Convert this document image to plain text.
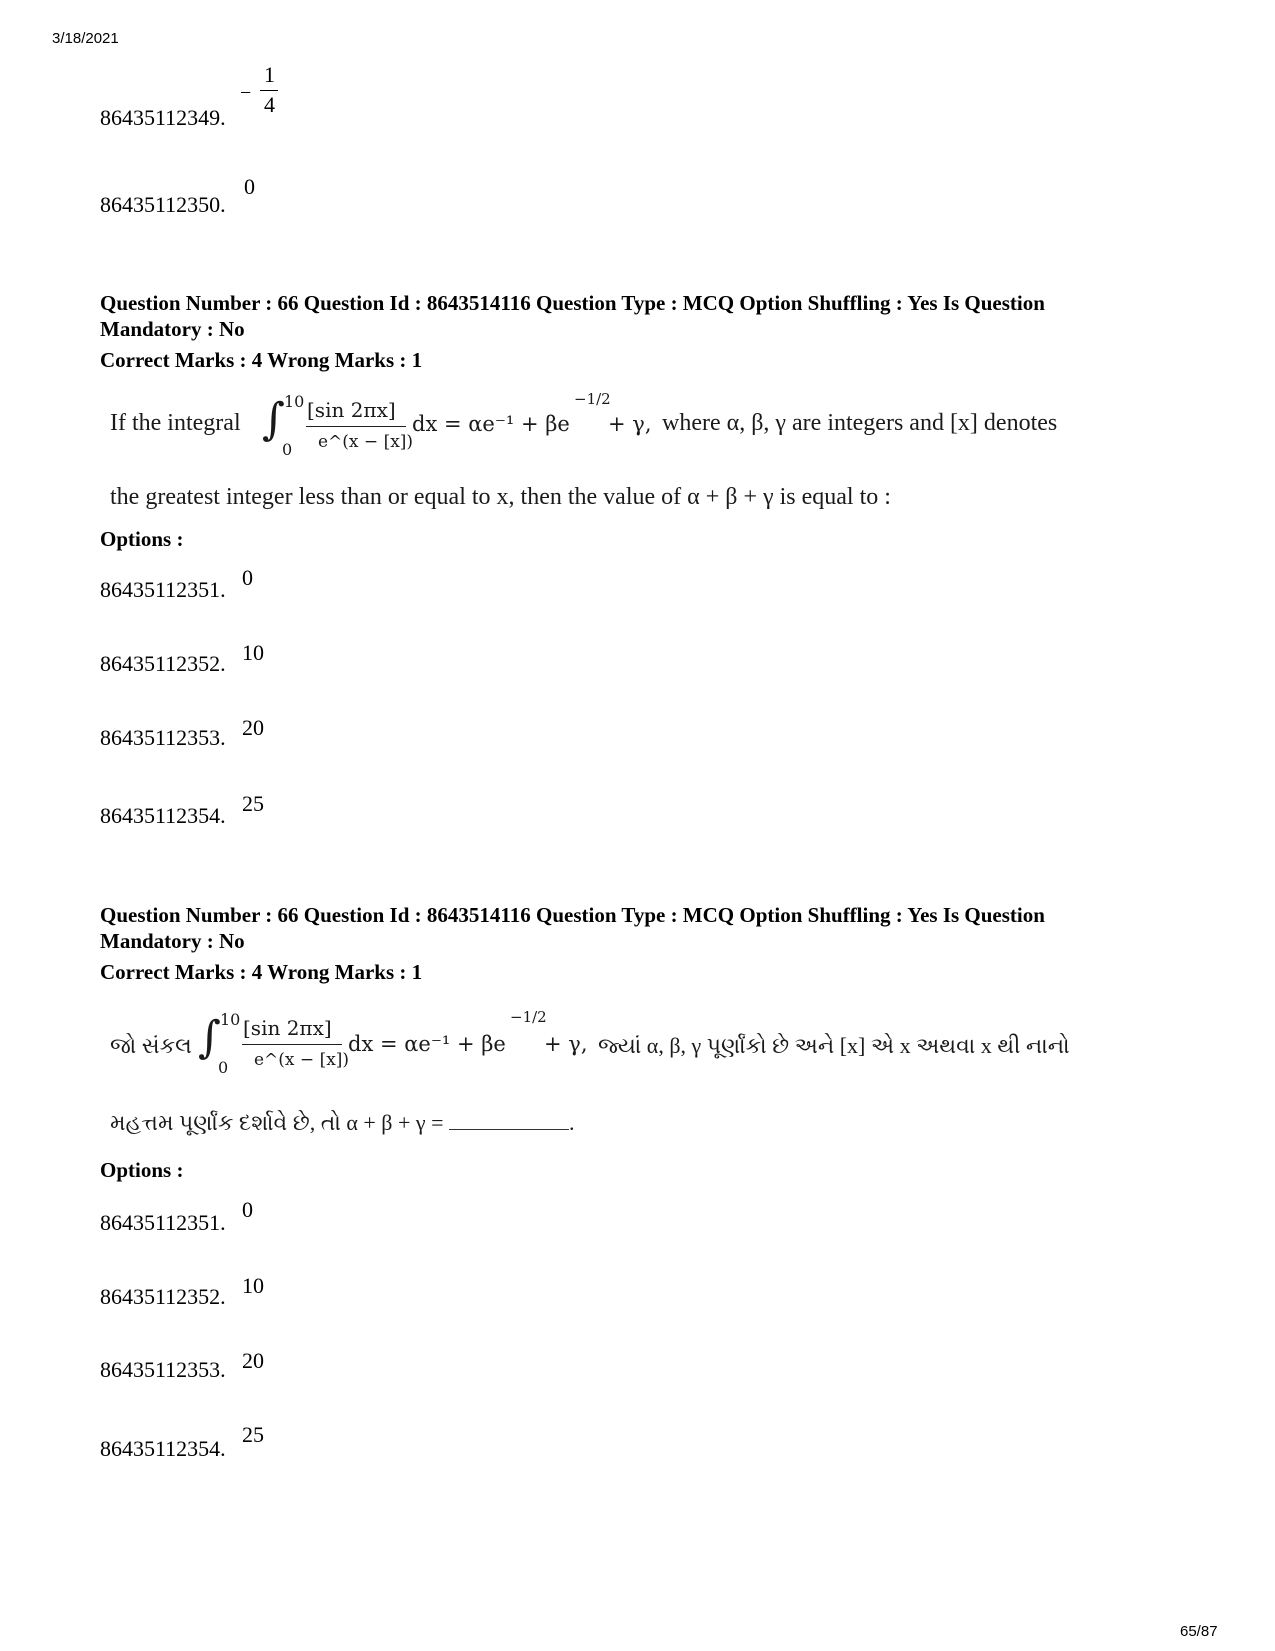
3/18/2021
86435112349.
−
1
4
86435112350.
0
Question Number : 66 Question Id : 8643514116 Question Type : MCQ Option Shuffling : Yes Is Question
Mandatory : No
Correct Marks : 4 Wrong Marks : 1
If the integral ∫ 10
0
[sin 2πx]
e^(x − [x])
dx = αe⁻¹ + βe
−1/2
+ γ, where α, β, γ are integers and [x] denotes
the greatest integer less than or equal to x, then the value of α + β + γ is equal to :
Options :
86435112351. 0
86435112352. 10
86435112353. 20
86435112354. 25
Question Number : 66 Question Id : 8643514116 Question Type : MCQ Option Shuffling : Yes Is Question
Mandatory : No
Correct Marks : 4 Wrong Marks : 1
જો સંકલ ∫ 10
0
[sin 2πx]
e^(x − [x])
dx = αe⁻¹ + βe
−1/2
+ γ, જ્યાં α, β, γ પૂર્ણાંકો છે અને [x] એ x અથવા x થી નાનો
મહત્તમ પૂર્ણાંક દર્શાવે છે, તો α + β + γ =	.
Options :
86435112351.
0
86435112352. 10
86435112353. 20
86435112354.
25
65/87
